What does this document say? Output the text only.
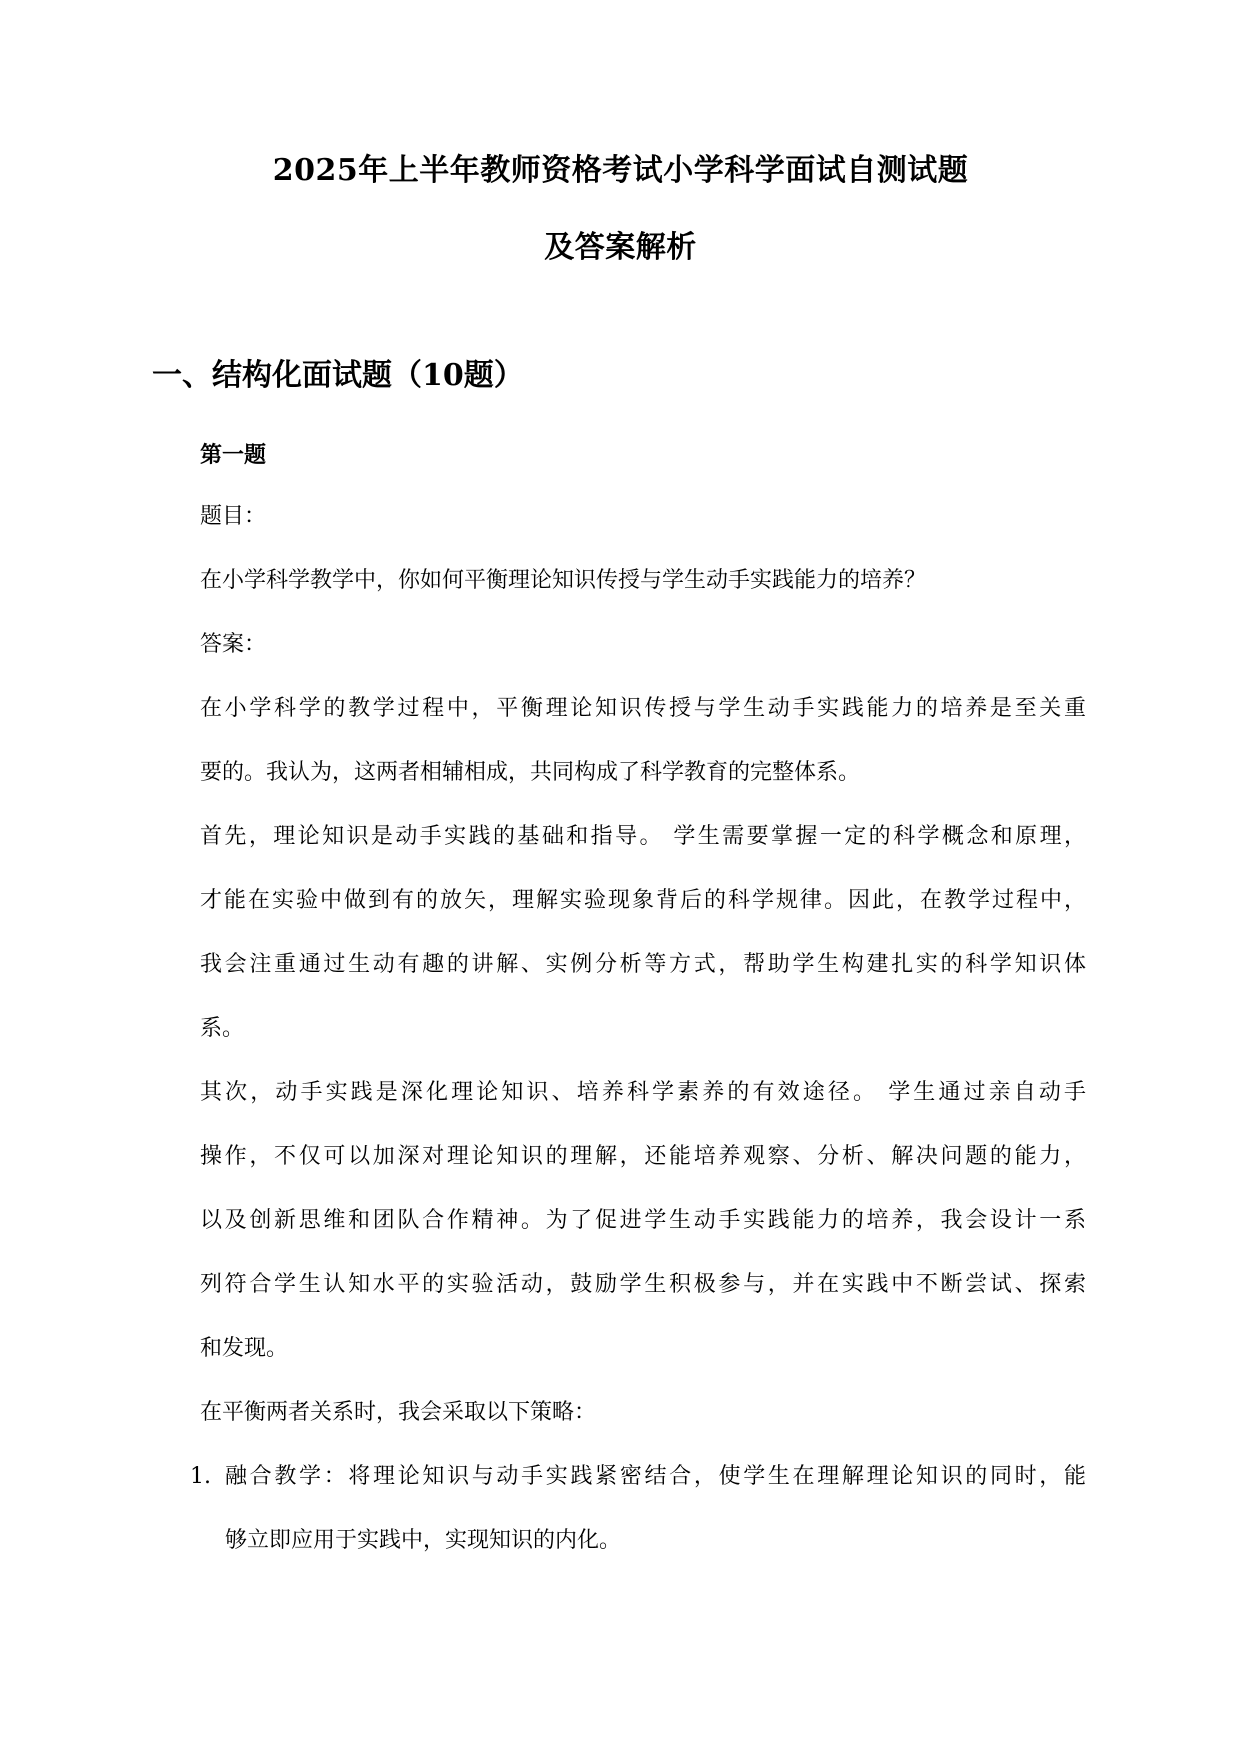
2025年上半年教师资格考试小学科学面试自测试题
及答案解析
一、结构化面试题（10题）
第一题
题目：
在小学科学教学中，你如何平衡理论知识传授与学生动手实践能力的培养？
答案：
在小学科学的教学过程中，平衡理论知识传授与学生动手实践能力的培养是至关重
要的。我认为，这两者相辅相成，共同构成了科学教育的完整体系。
首先，理论知识是动手实践的基础和指导。 学生需要掌握一定的科学概念和原理，
才能在实验中做到有的放矢，理解实验现象背后的科学规律。因此，在教学过程中，
我会注重通过生动有趣的讲解、实例分析等方式，帮助学生构建扎实的科学知识体
系。
其次，动手实践是深化理论知识、培养科学素养的有效途径。 学生通过亲自动手
操作，不仅可以加深对理论知识的理解，还能培养观察、分析、解决问题的能力，
以及创新思维和团队合作精神。为了促进学生动手实践能力的培养，我会设计一系
列符合学生认知水平的实验活动，鼓励学生积极参与，并在实践中不断尝试、探索
和发现。
在平衡两者关系时，我会采取以下策略：
1. 融合教学：将理论知识与动手实践紧密结合，使学生在理解理论知识的同时，能
够立即应用于实践中，实现知识的内化。
